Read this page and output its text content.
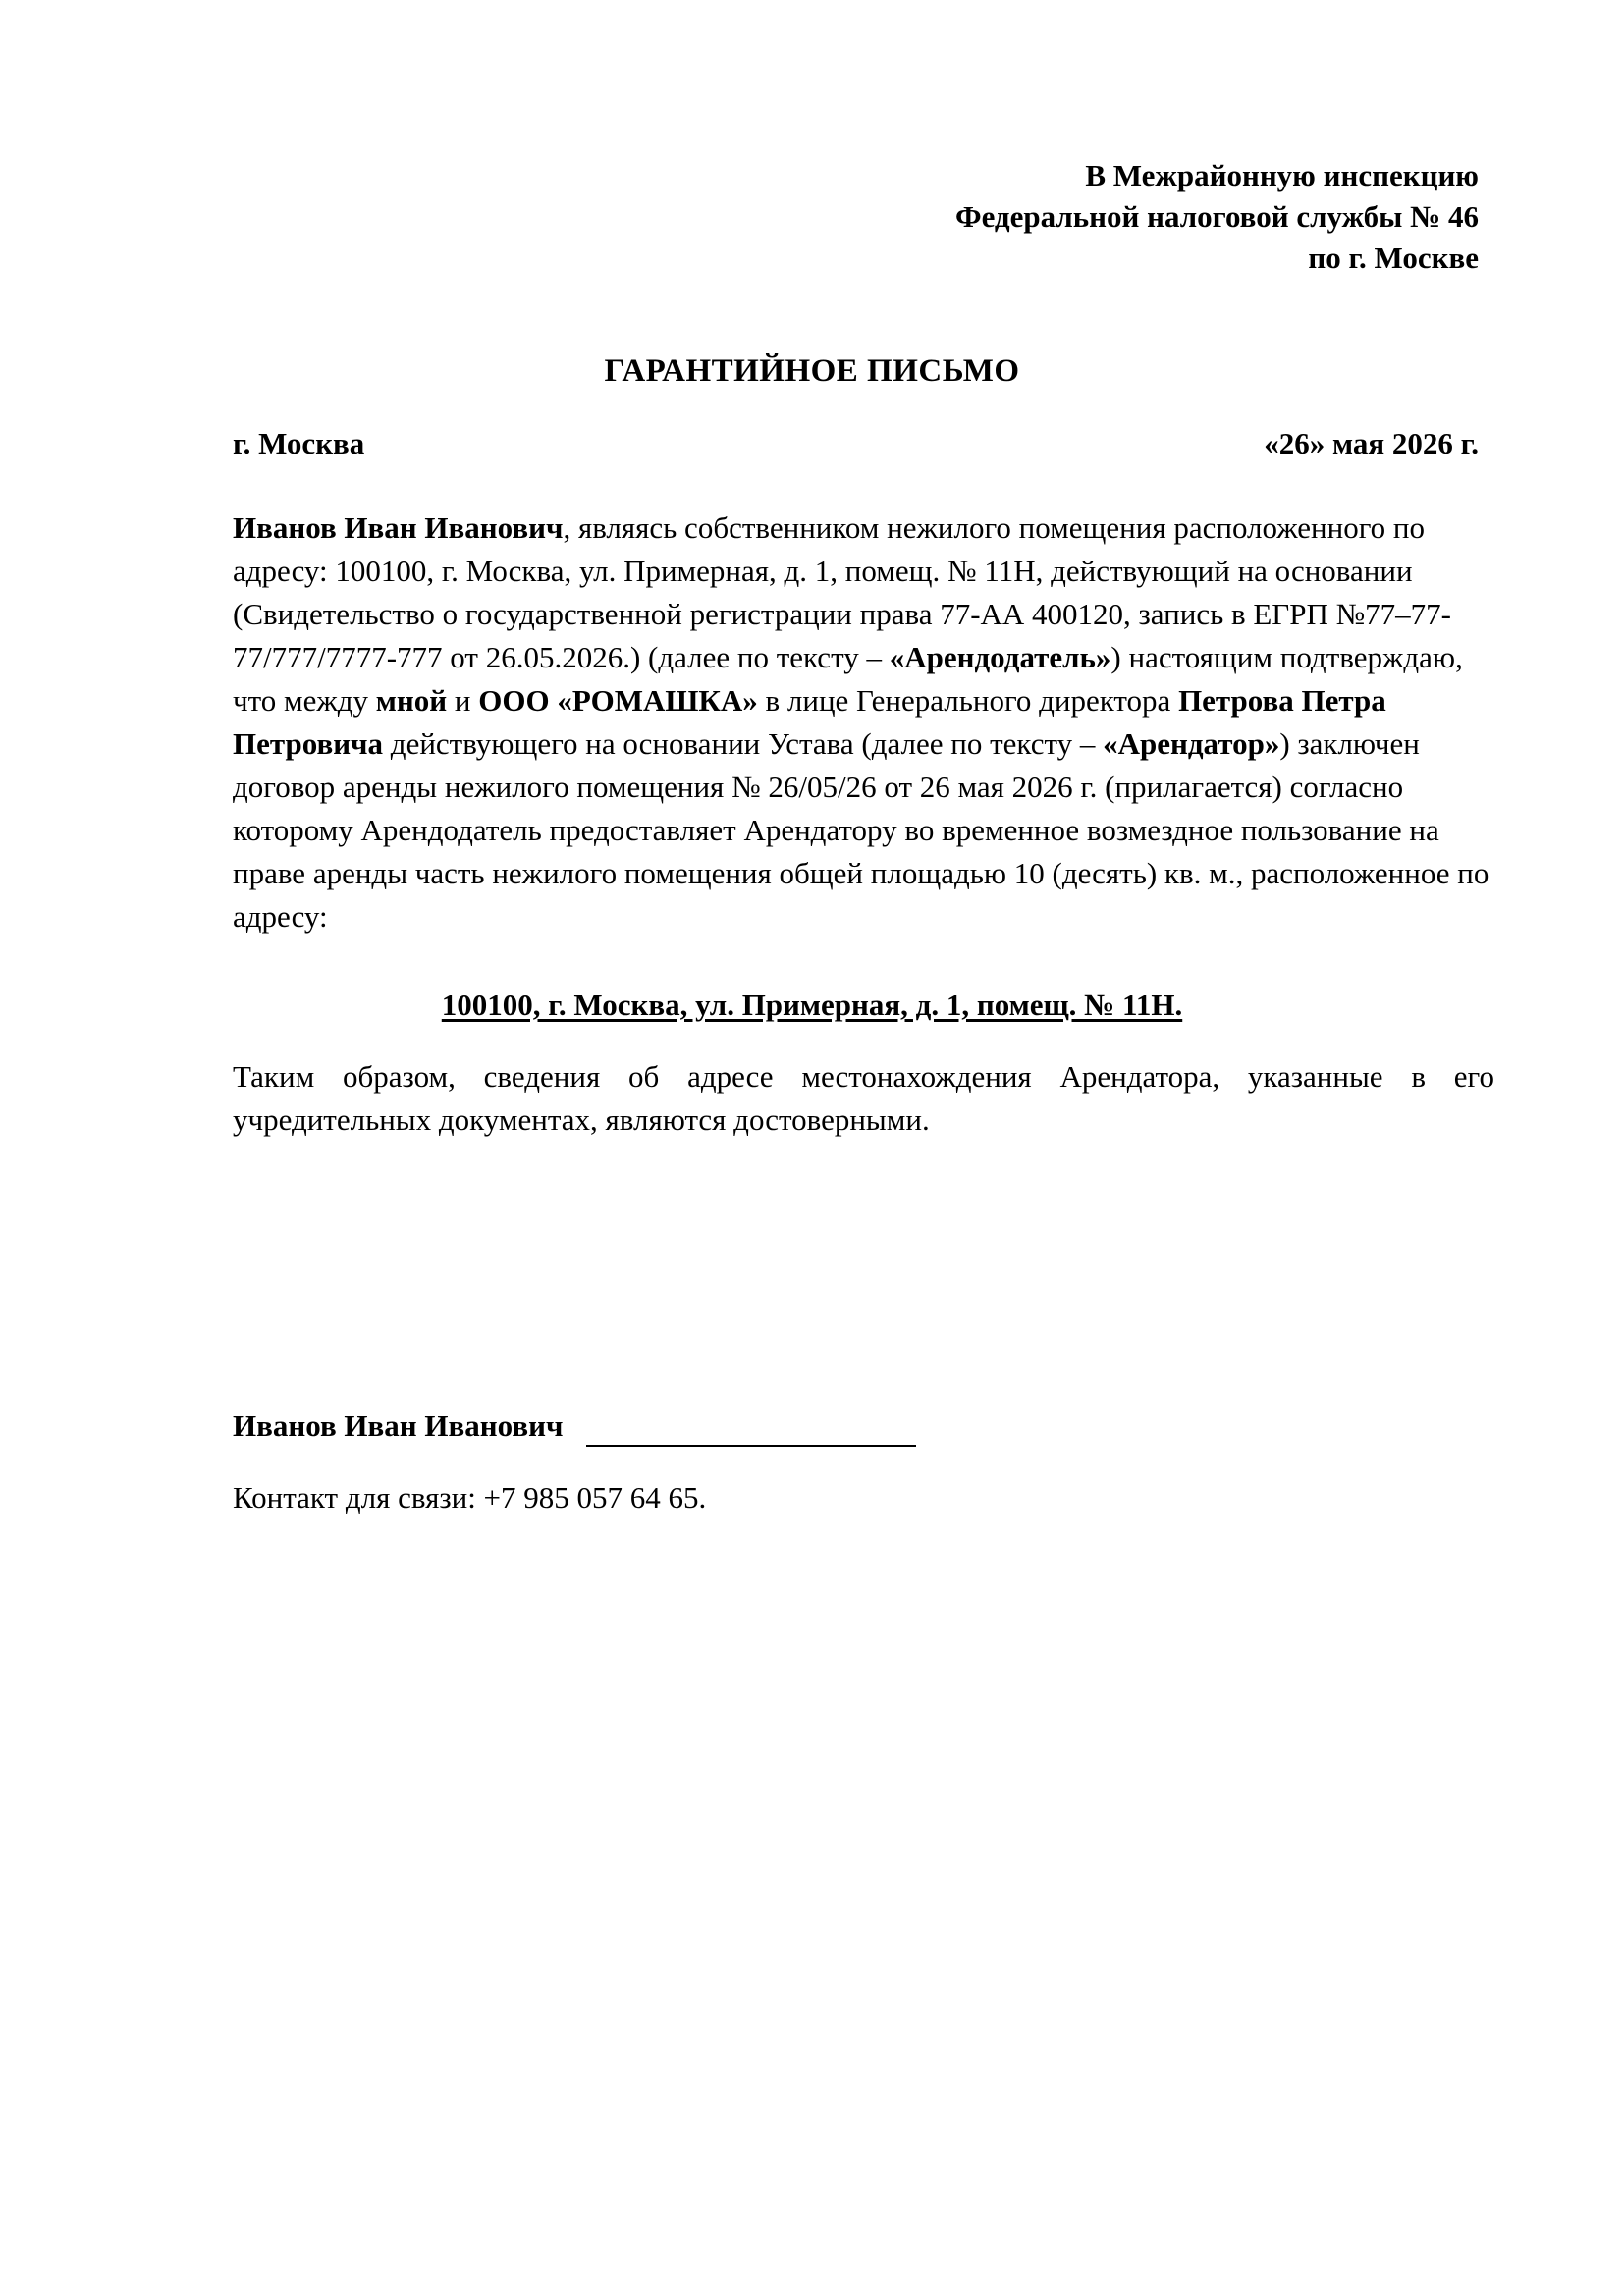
В Межрайонную инспекцию
Федеральной налоговой службы № 46
по г. Москве
ГАРАНТИЙНОЕ ПИСЬМО
г. Москва	«26» мая 2026 г.

Иванов Иван Иванович, являясь собственником нежилого помещения расположенного по адресу: 100100, г. Москва, ул. Примерная, д. 1, помещ. № 11Н, действующий на основании (Свидетельство о государственной регистрации права 77-АА 400120, запись в ЕГРП №77–77-77/777/7777-777 от 26.05.2026.) (далее по тексту – «Арендодатель») настоящим подтверждаю, что между мной и ООО «РОМАШКА» в лице Генерального директора Петрова Петра Петровича действующего на основании Устава (далее по тексту – «Арендатор») заключен договор аренды нежилого помещения № 26/05/26 от 26 мая 2026 г. (прилагается) согласно которому Арендодатель предоставляет Арендатору во временное возмездное пользование на праве аренды часть нежилого помещения общей площадью 10 (десять) кв. м., расположенное по адресу:

100100, г. Москва, ул. Примерная, д. 1, помещ. № 11Н.

Таким образом, сведения об адресе местонахождения Арендатора, указанные в его учредительных документах, являются достоверными.

Иванов Иван Иванович

Контакт для связи: +7 985 057 64 65.
